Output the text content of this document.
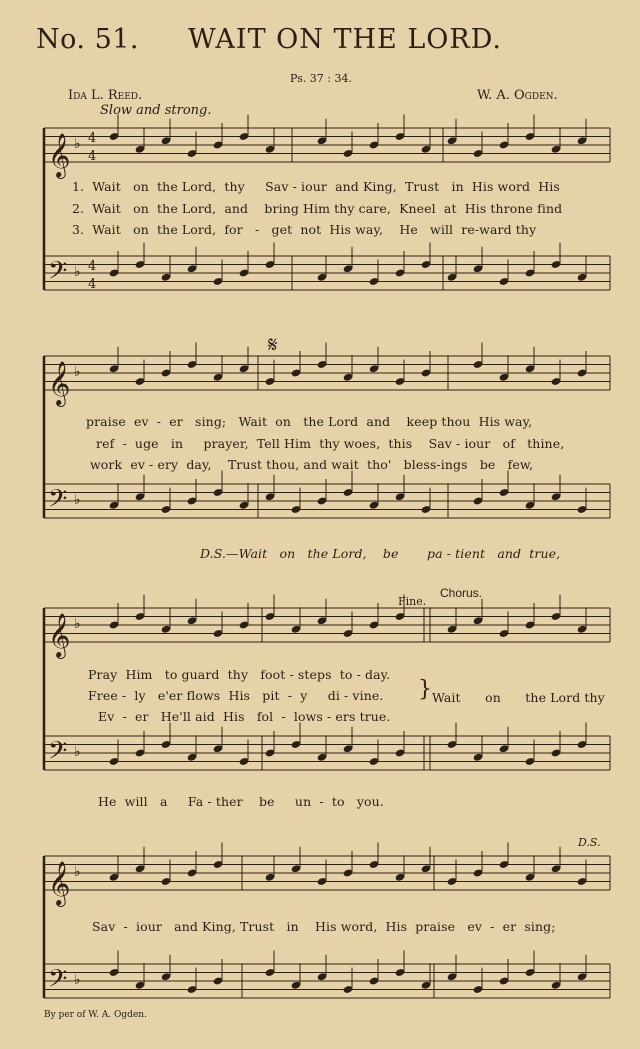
No. 51. WAIT ON THE LORD.
Ps. 37 : 34.
Ida L. Reed.	W. A. Ogden.
Slow and strong.
𝄞 ♭
𝄢 ♭
𝄞 ♭
𝄢 ♭
𝄞 ♭
𝄢 ♭
𝄞 ♭
𝄢 ♭
4
4
4
4
𝄋
1.  Wait   on  the Lord,  thy     Sav - iour  and King,  Trust   in  His word  His
2.  Wait   on  the Lord,  and    bring Him thy care,  Kneel  at  His throne find
3.  Wait   on  the Lord,  for   -   get  not  His way,    He   will  re-ward thy
praise  ev  -  er   sing;   Wait  on   the Lord  and    keep thou  His way,
ref  -  uge   in     prayer,  Tell Him  thy woes,  this    Sav - iour   of   thine,
work  ev - ery  day,    Trust thou, and wait  tho'   bless-ings   be   few,
D.S.—Wait   on   the Lord,    be       pa - tient   and  true,
Fine.
Chorus.
Pray  Him   to guard  thy   foot - steps  to - day.
Free -  ly   e'er flows  His   pit  -  y     di - vine.
Ev  -  er   He'll aid  His   fol  -  lows - ers true.
} Wait      on      the Lord thy
He  will   a     Fa - ther    be     un  -  to   you.
D.S.
Sav  -  iour   and King, Trust   in    His word,  His  praise   ev  -  er  sing;
By per of W. A. Ogden.
